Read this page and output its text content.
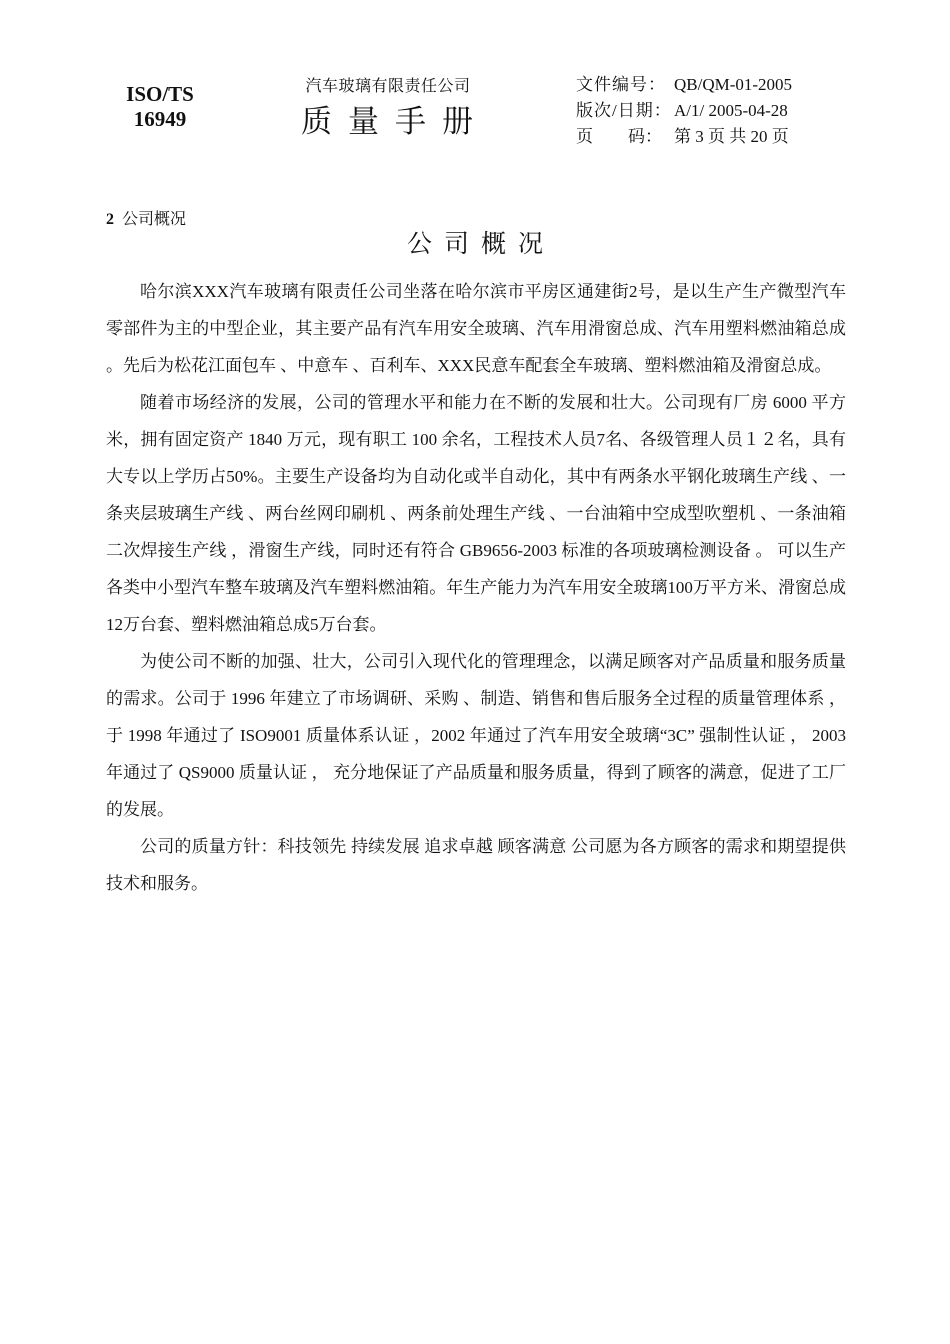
ISO/TS
16949
汽车玻璃有限责任公司
质量手册
文件编号： QB/QM-01-2005
版次/日期： A/1/ 2005-04-28
页 码： 第 3 页 共 20 页
2 公司概况
公司概况

哈尔滨XXX汽车玻璃有限责任公司坐落在哈尔滨市平房区通建街2号，是以生产生产微型汽车零部件为主的中型企业，其主要产品有汽车用安全玻璃、汽车用滑窗总成、汽车用塑料燃油箱总成 。先后为松花江面包车 、中意车 、百利车、XXX民意车配套全车玻璃、塑料燃油箱及滑窗总成。

随着市场经济的发展，公司的管理水平和能力在不断的发展和壮大。公司现有厂房 6000 平方米，拥有固定资产 1840 万元，现有职工 100 余名，工程技术人员7名、各级管理人员１２名，具有大专以上学历占50%。主要生产设备均为自动化或半自动化，其中有两条水平钢化玻璃生产线 、一条夹层玻璃生产线 、两台丝网印刷机 、两条前处理生产线 、一台油箱中空成型吹塑机 、一条油箱二次焊接生产线 ，滑窗生产线，同时还有符合 GB9656-2003 标准的各项玻璃检测设备 。 可以生产各类中小型汽车整车玻璃及汽车塑料燃油箱。年生产能力为汽车用安全玻璃100万平方米、滑窗总成12万台套、塑料燃油箱总成5万台套。

为使公司不断的加强、壮大，公司引入现代化的管理理念，以满足顾客对产品质量和服务质量的需求。公司于 1996 年建立了市场调研、采购 、制造、销售和售后服务全过程的质量管理体系 ，于 1998 年通过了 ISO9001 质量体系认证 ，2002 年通过了汽车用安全玻璃“3C” 强制性认证 ， 2003 年通过了 QS9000 质量认证 ， 充分地保证了产品质量和服务质量，得到了顾客的满意，促进了工厂的发展。

公司的质量方针：科技领先 持续发展 追求卓越 顾客满意 公司愿为各方顾客的需求和期望提供技术和服务。
